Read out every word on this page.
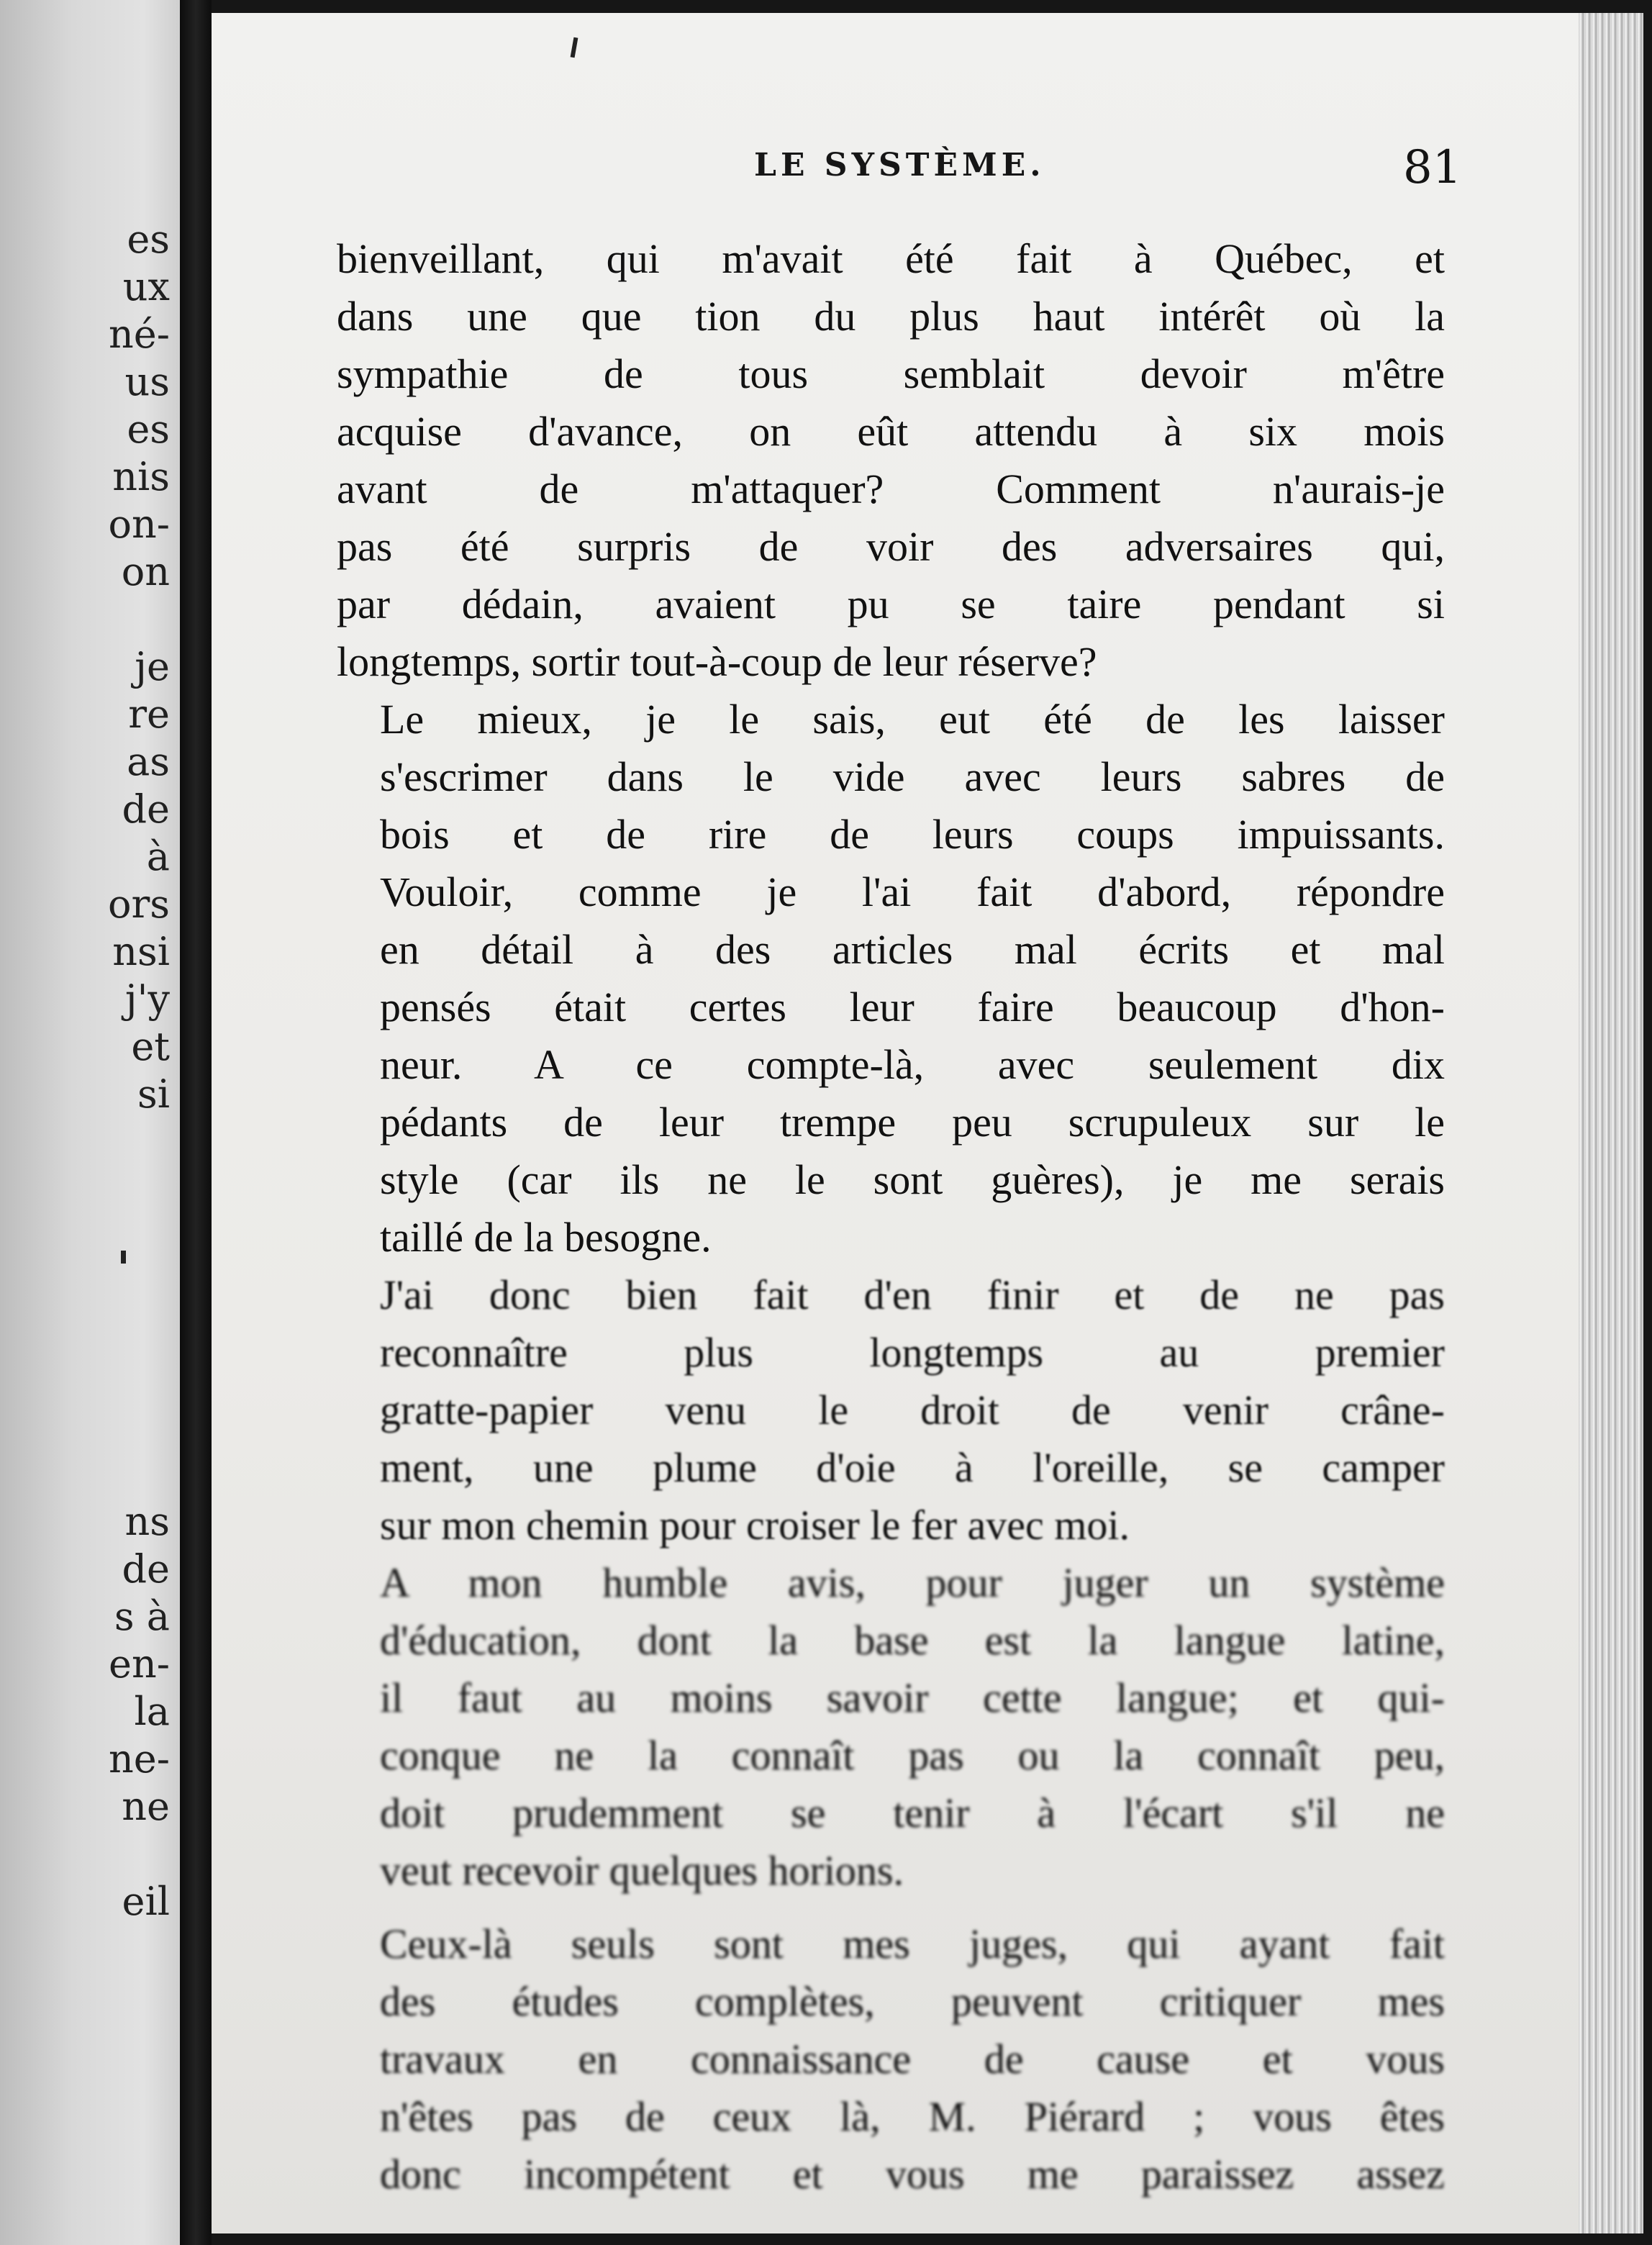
es
ux
né-
us
es
nis
on-
on
je
re
as
de
à
ors
nsi
j'y
et
si
ns
de
s à
en-
la
ne-
ne
eil
LE SYSTÈME.	81

bienveillant, qui m'avait été fait à Québec, et
dans une que tion du plus haut intérêt où la
sympathie de tous semblait devoir m'être
acquise d'avance, on eût attendu à six mois
avant de m'attaquer? Comment n'aurais-je
pas été surpris de voir des adversaires qui,
par dédain, avaient pu se taire pendant si
longtemps, sortir tout-à-coup de leur réserve?

Le mieux, je le sais, eut été de les laisser
s'escrimer dans le vide avec leurs sabres de
bois et de rire de leurs coups impuissants.
Vouloir, comme je l'ai fait d'abord, répondre
en détail à des articles mal écrits et mal
pensés était certes leur faire beaucoup d'hon-
neur. A ce compte-là, avec seulement dix
pédants de leur trempe peu scrupuleux sur le
style (car ils ne le sont guères), je me serais
taillé de la besogne.

J'ai donc bien fait d'en finir et de ne pas
reconnaître plus longtemps au premier
gratte-papier venu le droit de venir crâne-
ment, une plume d'oie à l'oreille, se camper
sur mon chemin pour croiser le fer avec moi.

A mon humble avis, pour juger un système
d'éducation, dont la base est la langue latine,
il faut au moins savoir cette langue; et qui-
conque ne la connaît pas ou la connaît peu,
doit prudemment se tenir à l'écart s'il ne
veut recevoir quelques horions.

Ceux-là seuls sont mes juges, qui ayant fait
des études complètes, peuvent critiquer mes
travaux en connaissance de cause et vous
n'êtes pas de ceux là, M. Piérard ; vous êtes
donc incompétent et vous me paraissez assez
